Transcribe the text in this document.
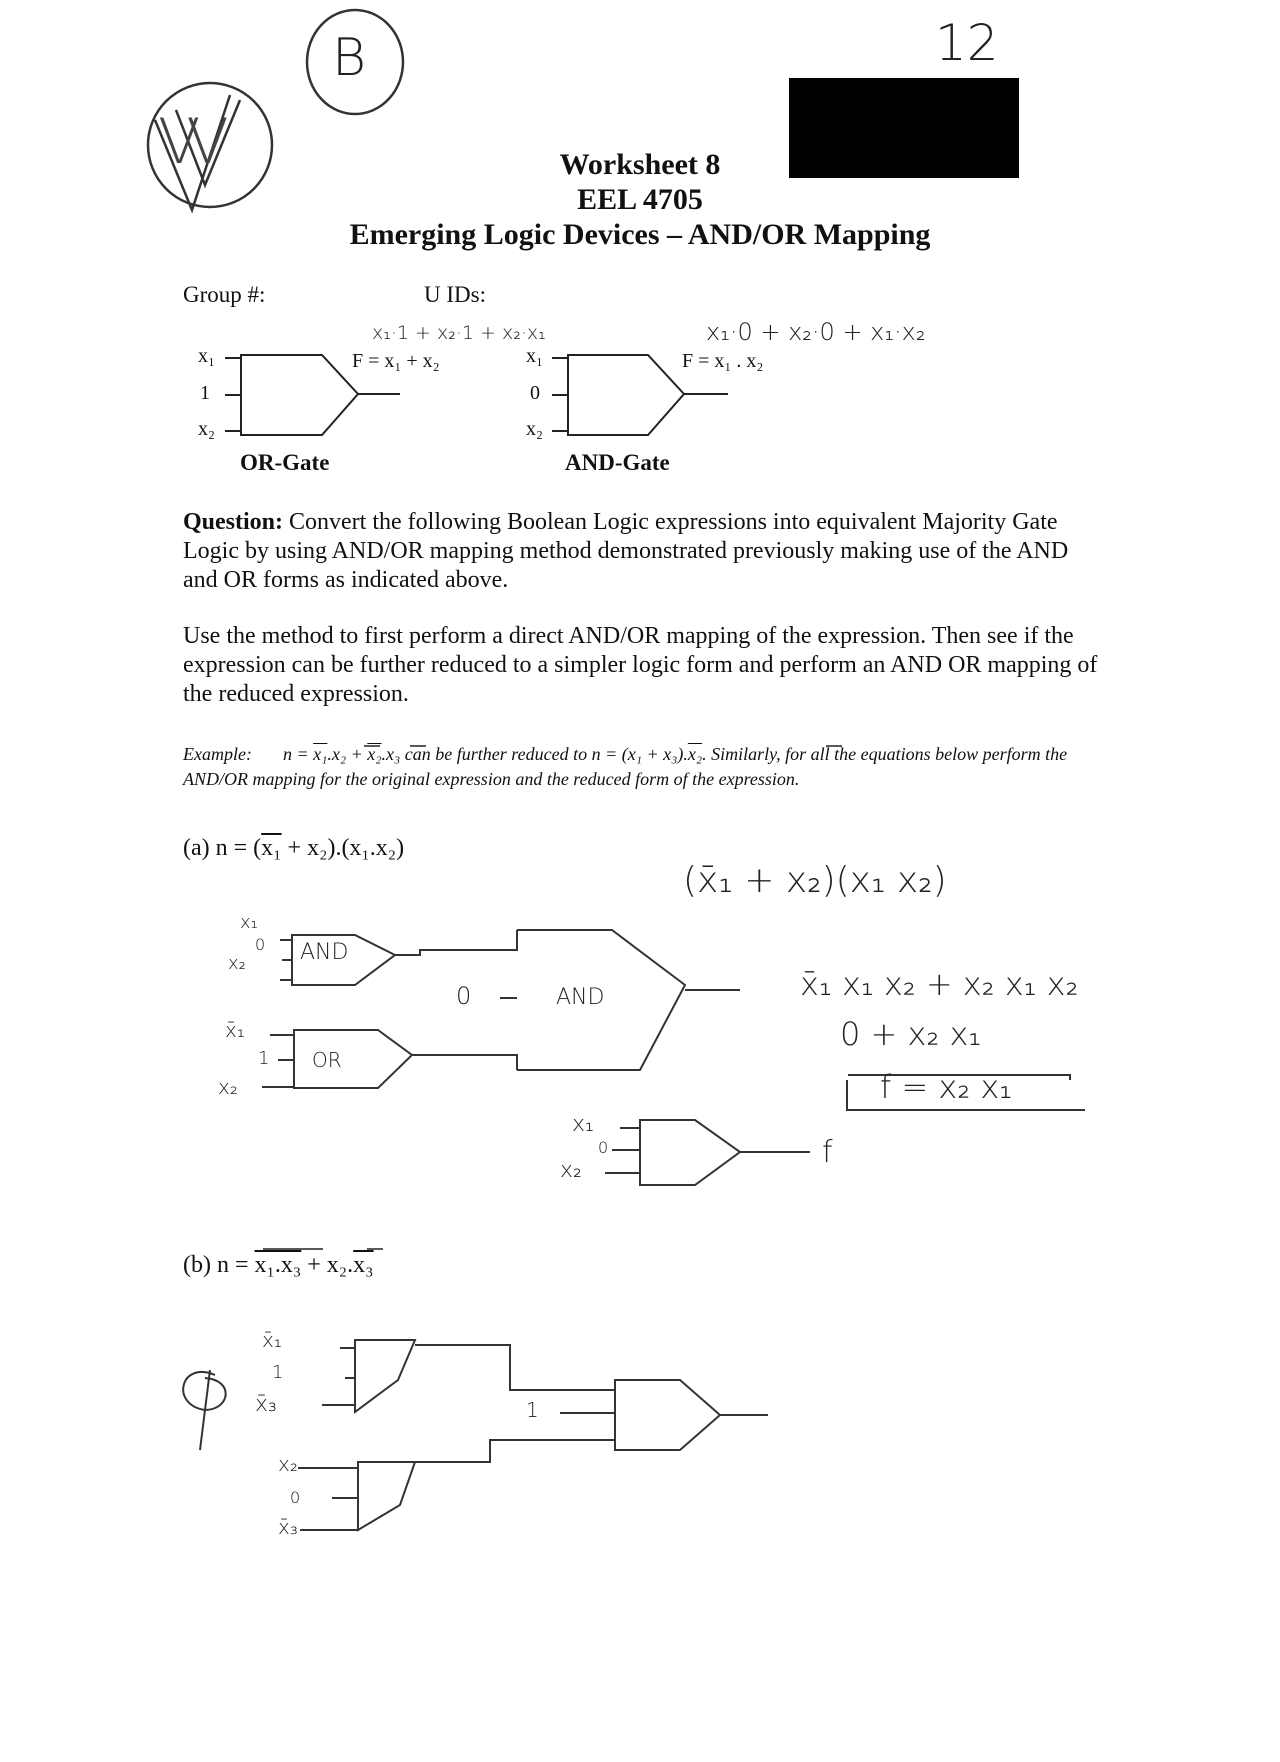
B
VV
12
Worksheet 8
EEL 4705
Emerging Logic Devices – AND/OR Mapping
Group #:	U IDs:
x₁·1 + x₂·1 + x₂·x₁
F = x₁ + x₂
x₁
1
x₂
OR-Gate
x₁·0 + x₂·0 + x₁·x₂
F = x₁ . x₂
x₁
0
x₂
AND-Gate
Question: Convert the following Boolean Logic expressions into equivalent Majority Gate Logic by using AND/OR mapping method demonstrated previously making use of the AND and OR forms as indicated above.
Use the method to first perform a direct AND/OR mapping of the expression. Then see if the expression can be further reduced to a simpler logic form and perform an AND OR mapping of the reduced expression.
Example: n = x₁.x₂ + x₂.x₃ can be further reduced to n = (x₁ + x₃).x₂. Similarly, for all the equations below perform the AND/OR mapping for the original expression and the reduced form of the expression.
(a) n = (x₁ + x₂).(x₁.x₂)
(x̄₁ + x₂)(x₁ x₂)
x̄₁ x₁ x₂ + x₂ x₁ x₂
0 + x₂ x₁
f = x₂ x₁
x₁
0
x₂ AND
x̄₁
1
x₂
OR
0	AND
x₁
0
x₂
f
(b) n = x₁.x₃ + x₂.x₃
x̄₁
1
x̄₃
x₂
0
x̄₃
1
